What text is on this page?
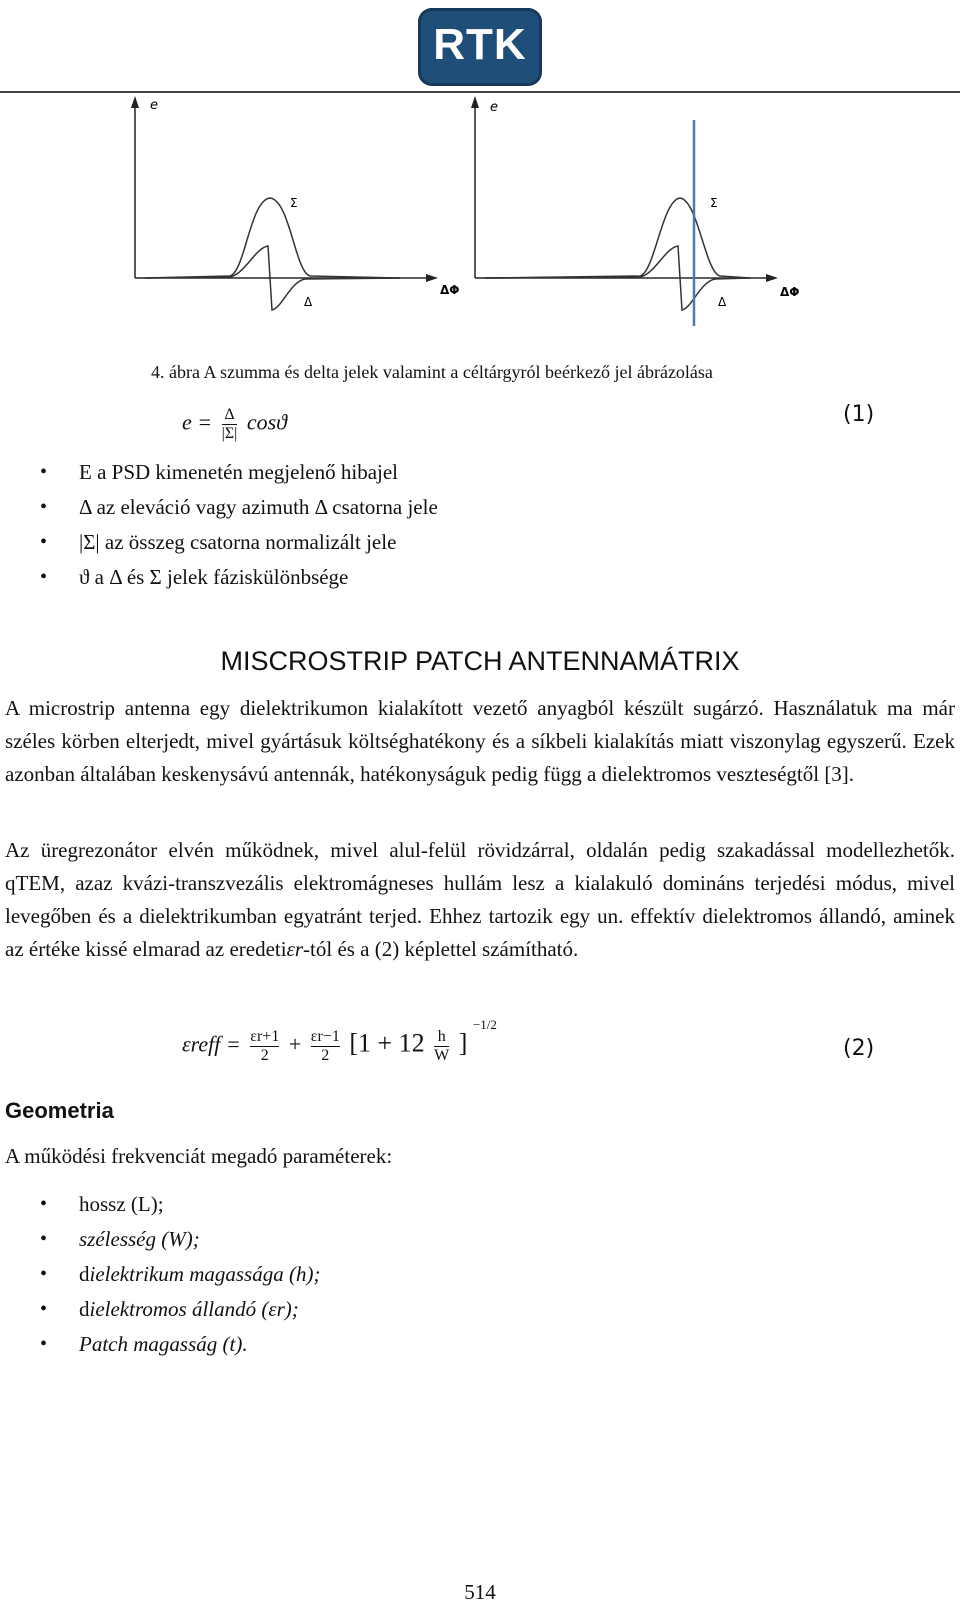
RTK
e
Σ
Δ
ΔΦ
e
Σ
Δ
ΔΦ
4. ábra A szumma és delta jelek valamint a céltárgyról beérkező jel ábrázolása
$e = \frac{\Delta}{|\Sigma|}$ cosϑ	(1)
• E a PSD kimenetén megjelenő hibajel
• Δ az eleváció vagy azimuth Δ csatorna jele
• |Σ| az összeg csatorna normalizált jele
• ϑ a Δ és Σ jelek fáziskülönbsége
MISCROSTRIP PATCH ANTENNAMÁTRIX
A microstrip antenna egy dielektrikumon kialakított vezető anyagból készült sugárzó. Használatuk ma már széles körben elterjedt, mivel gyártásuk költséghatékony és a síkbeli kialakítás miatt viszonylag egyszerű. Ezek azonban általában keskenysávú antennák, hatékonyságuk pedig függ a dielektromos veszteségtől [3].
Az üregrezonátor elvén működnek, mivel alul-felül rövidzárral, oldalán pedig szakadással modellezhetők. qTEM, azaz kvázi-transzvezális elektromágneses hullám lesz a kialakuló domináns terjedési módus, mivel levegőben és a dielektrikumban egyatránt terjed. Ehhez tartozik egy un. effektív dielektromos állandó, aminek az értéke kissé elmarad az eredetiεr-tól és a (2) képlettel számítható.
εreff = $\frac{\varepsilon r+1}{2} + \frac{\varepsilon r-1}{2} [1 + 12 \frac{h}{W}$ ] $^{-1/2}$
(2)
Geometria
A működési frekvenciát megadó paraméterek:
• hossz (L);
• szélesség (W);
• dielektrikum magassága (h);
• dielektromos állandó (εr);
• Patch magasság (t).
514
